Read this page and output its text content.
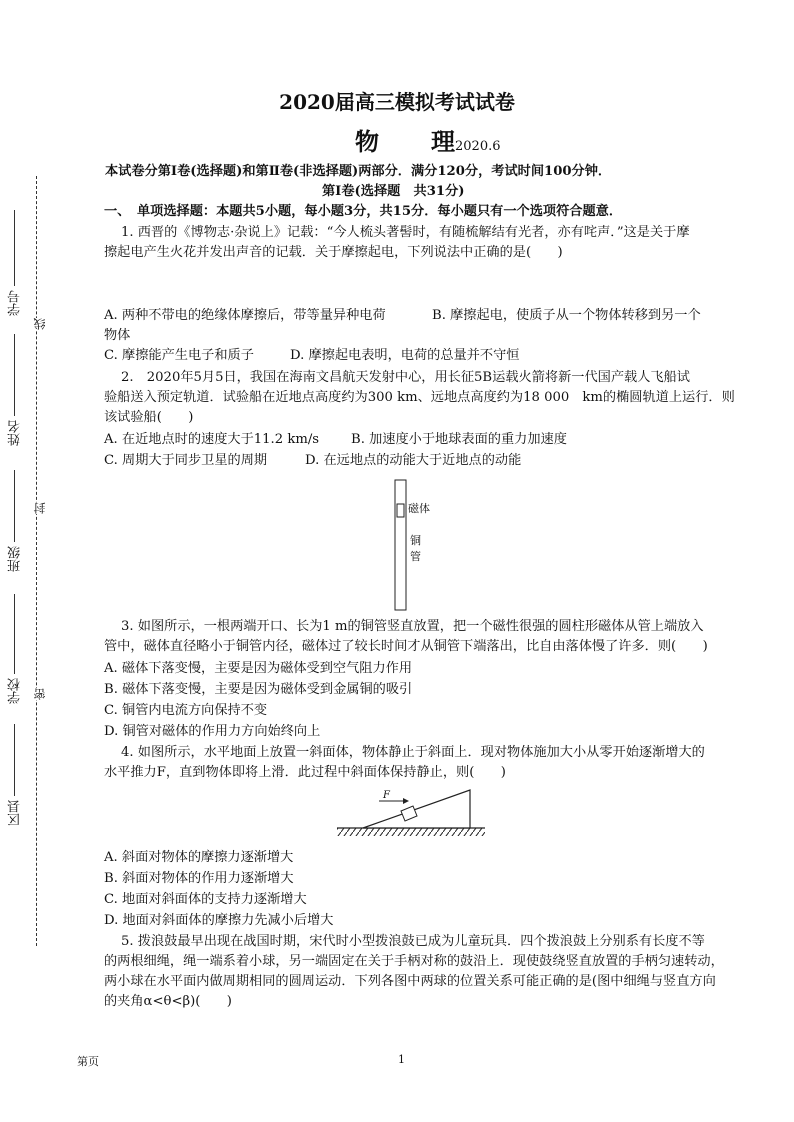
2020届高三模拟考试试卷
物 理2020.6
本试卷分第Ⅰ卷(选择题)和第Ⅱ卷(非选择题)两部分．满分120分，考试时间100分钟．
第Ⅰ卷(选择题　共31分)
一、　单项选择题：本题共5小题，每小题3分，共15分．每小题只有一个选项符合题意．
学号
姓名
班级
学校
区县
线
封
密
1. 西晋的《博物志·杂说上》记载：“今人梳头著髻时，有随梳解结有光者，亦有咤声．”这是关于摩
擦起电产生火花并发出声音的记载．关于摩擦起电，下列说法中正确的是(　　)
A. 两种不带电的绝缘体摩擦后，带等量异种电荷	B. 摩擦起电，使质子从一个物体转移到另一个
物体
C. 摩擦能产生电子和质子	D. 摩擦起电表明，电荷的总量并不守恒
2.　2020年5月5日，我国在海南文昌航天发射中心，用长征5B运载火箭将新一代国产载人飞船试
验船送入预定轨道．试验船在近地点高度约为300 km、远地点高度约为18 000　km的椭圆轨道上运行．则
该试验船(　　)
A. 在近地点时的速度大于11.2 km/s B. 加速度小于地球表面的重力加速度
C. 周期大于同步卫星的周期	D. 在远地点的动能大于近地点的动能
磁体
铜
管
3. 如图所示，一根两端开口、长为1 m的铜管竖直放置，把一个磁性很强的圆柱形磁体从管上端放入
管中，磁体直径略小于铜管内径，磁体过了较长时间才从铜管下端落出，比自由落体慢了许多．则(　　)
A. 磁体下落变慢，主要是因为磁体受到空气阻力作用
B. 磁体下落变慢，主要是因为磁体受到金属铜的吸引
C. 铜管内电流方向保持不变
D. 铜管对磁体的作用力方向始终向上
4. 如图所示，水平地面上放置一斜面体，物体静止于斜面上．现对物体施加大小从零开始逐渐增大的
水平推力F，直到物体即将上滑．此过程中斜面体保持静止，则(　　)
F
A. 斜面对物体的摩擦力逐渐增大
B. 斜面对物体的作用力逐渐增大
C. 地面对斜面体的支持力逐渐增大
D. 地面对斜面体的摩擦力先减小后增大
5. 拨浪鼓最早出现在战国时期，宋代时小型拨浪鼓已成为儿童玩具．四个拨浪鼓上分别系有长度不等
的两根细绳，绳一端系着小球，另一端固定在关于手柄对称的鼓沿上．现使鼓绕竖直放置的手柄匀速转动，
两小球在水平面内做周期相同的圆周运动．下列各图中两球的位置关系可能正确的是(图中细绳与竖直方向
的夹角α<θ<β)(　　)
第页	1
